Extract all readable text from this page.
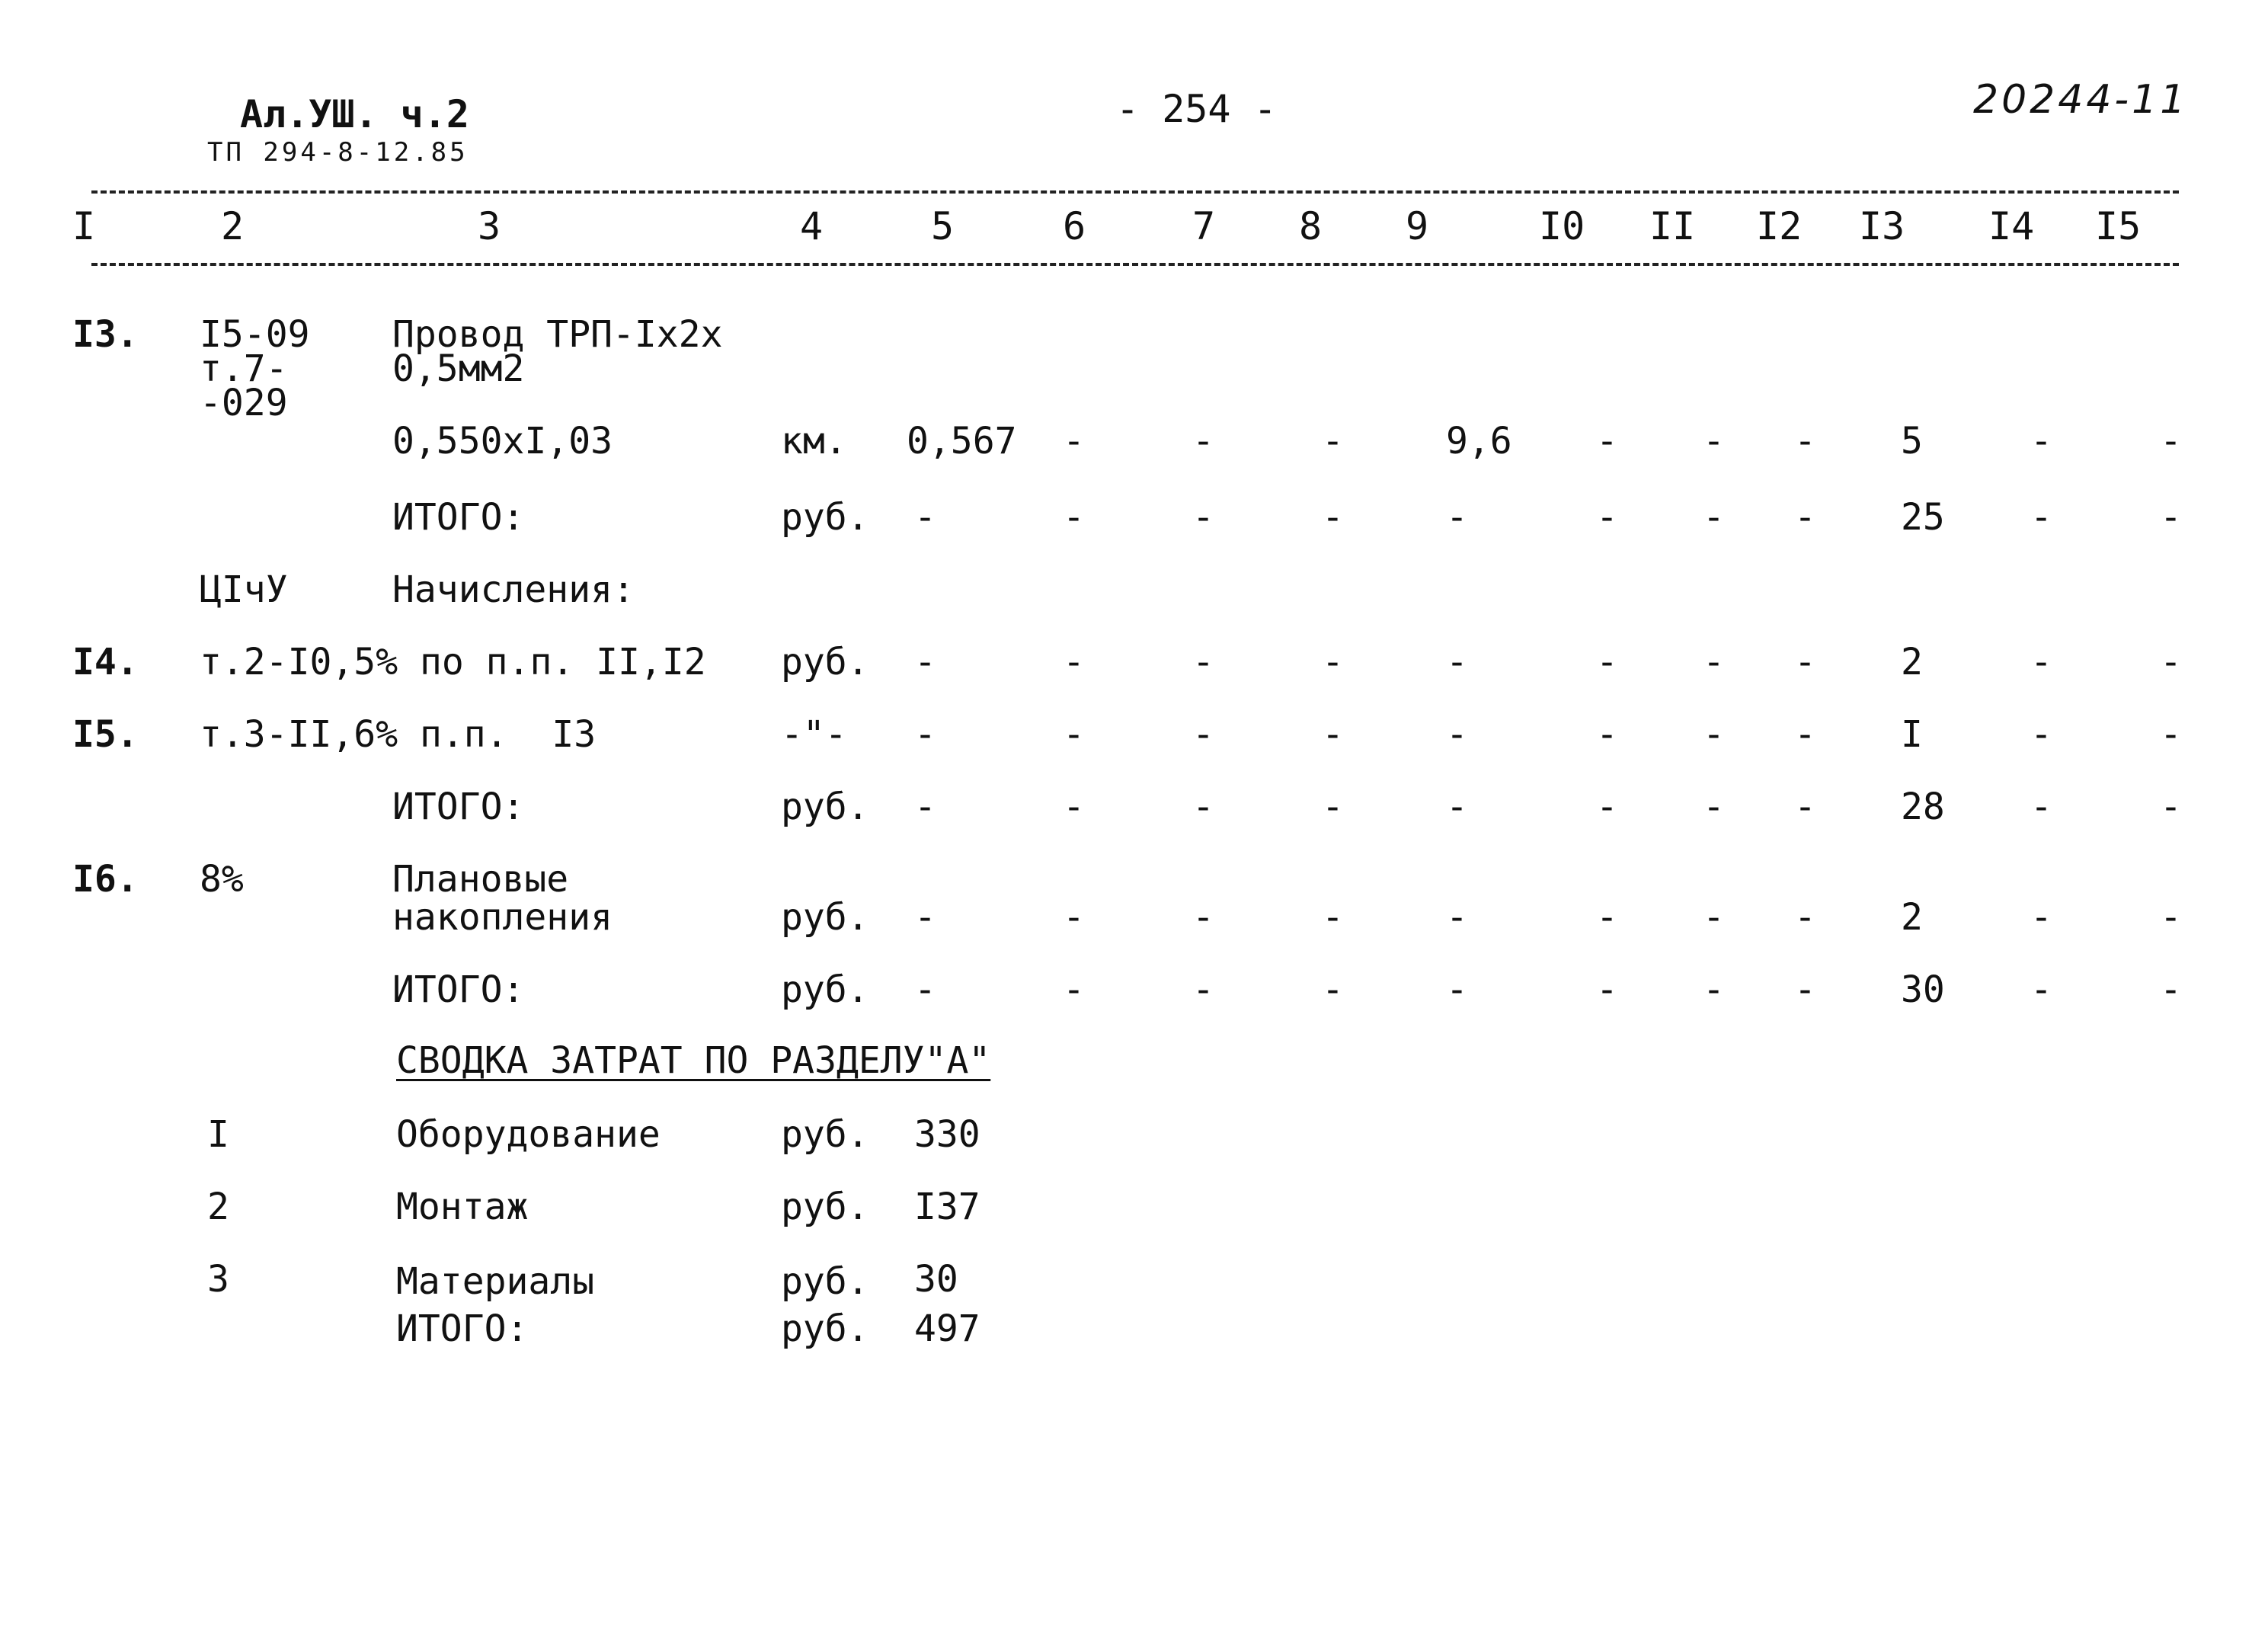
Ал.УШ. ч.2
ТП 294-8-12.85
- 254 -	20244-11
I	2	3	4	5	6	7 8 9	I0 II I2 I3 I4 I5
I3. I5-09
т.7-
-029
Провод ТРП-Iх2х
0,5мм2
0,550хI,03	км. 0,567 -	-	-	9,6 - - - 5	-	-
ИТОГО:	руб. -	-	-	-	-	- - - 25 -	-
ЦIчУ	Начисления:
I4. т.2-I0,5% по п.п. II,I2 руб. -	-	-	-	-	- - - 2	-	-
I5. т.3-II,6% п.п.  I3	-"- -	-	-	-	-	- - - I	-	-
ИТОГО:	руб. -	-	-	-	-	- - - 28 -	-
I6. 8%	Плановые
накопления	руб. -	-	-	-	-	- - - 2	-	-
ИТОГО:	руб. -	-	-	-	-	- - - 30 -	-
СВОДКА ЗАТРАТ ПО РАЗДЕЛУ"А"
I	Оборудование	руб. 330
2	Монтаж	руб. I37
3	Материалы	руб. 30
ИТОГО:	руб. 497
